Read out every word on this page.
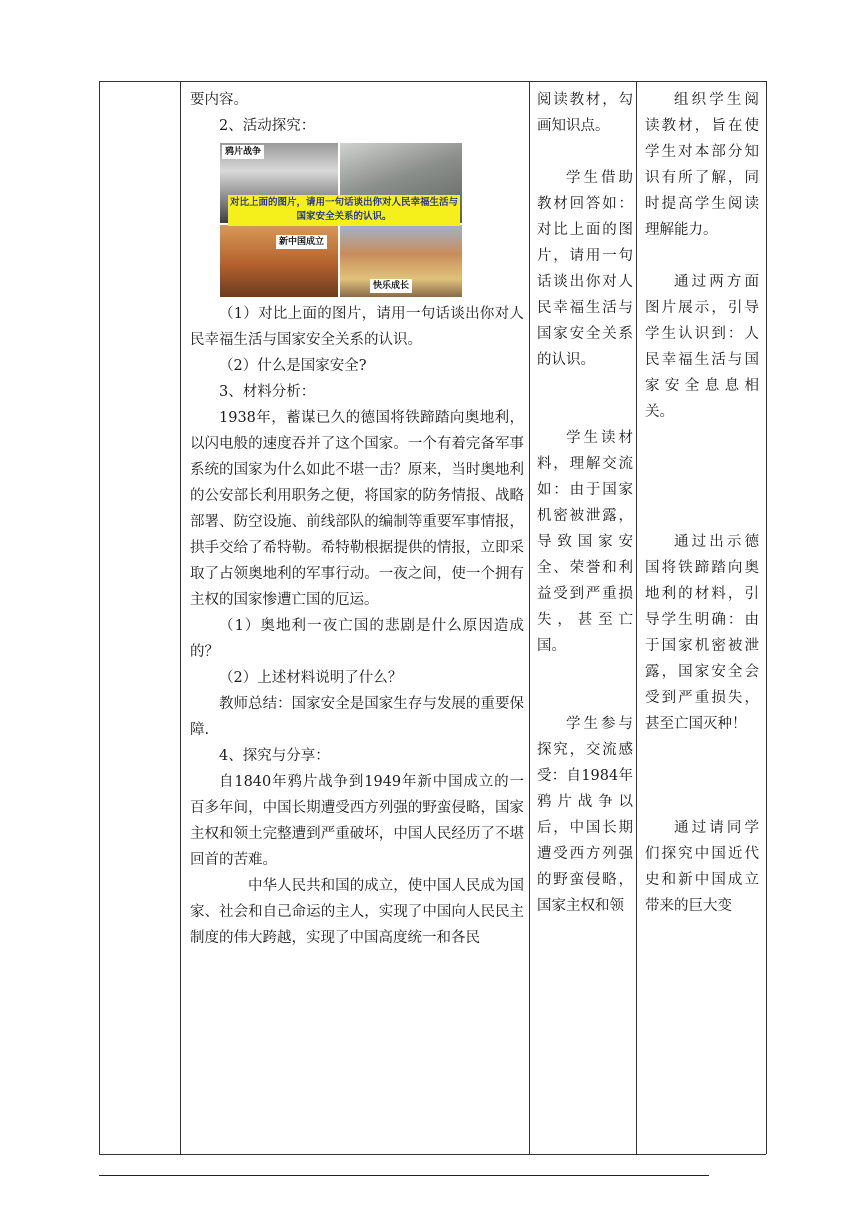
要内容。

2、活动探究：

鸦片战争
新中国成立
快乐成长
对比上面的图片，请用一句话谈出你对人民幸福生活与国家安全关系的认识。

（1）对比上面的图片，请用一句话谈出你对人民幸福生活与国家安全关系的认识。

（2）什么是国家安全?

3、材料分析：

1938年，蓄谋已久的德国将铁蹄踏向奥地利，以闪电般的速度吞并了这个国家。一个有着完备军事系统的国家为什么如此不堪一击？原来，当时奥地利的公安部长利用职务之便，将国家的防务情报、战略部署、防空设施、前线部队的编制等重要军事情报，拱手交给了希特勒。希特勒根据提供的情报，立即采取了占领奥地利的军事行动。一夜之间，使一个拥有主权的国家惨遭亡国的厄运。

（1）奥地利一夜亡国的悲剧是什么原因造成的？

（2）上述材料说明了什么？

教师总结：国家安全是国家生存与发展的重要保障.

4、探究与分享：

自1840年鸦片战争到1949年新中国成立的一百多年间，中国长期遭受西方列强的野蛮侵略，国家主权和领土完整遭到严重破坏，中国人民经历了不堪回首的苦难。

中华人民共和国的成立，使中国人民成为国家、社会和自己命运的主人，实现了中国向人民民主制度的伟大跨越，实现了中国高度统一和各民

阅读教材，勾画知识点。

学生借助教材回答如：对比上面的图片，请用一句话谈出你对人民幸福生活与国家安全关系的认识。

学生读材料，理解交流如：由于国家机密被泄露，导致国家安全、荣誉和利益受到严重损失，甚至亡国。

学生参与探究，交流感受：自1984年鸦片战争以后，中国长期遭受西方列强的野蛮侵略，国家主权和领

组织学生阅读教材，旨在使学生对本部分知识有所了解，同时提高学生阅读理解能力。

通过两方面图片展示，引导学生认识到：人民幸福生活与国家安全息息相关。

通过出示德国将铁蹄踏向奥地利的材料，引导学生明确：由于国家机密被泄露，国家安全会受到严重损失，甚至亡国灭种！

通过请同学们探究中国近代史和新中国成立带来的巨大变
